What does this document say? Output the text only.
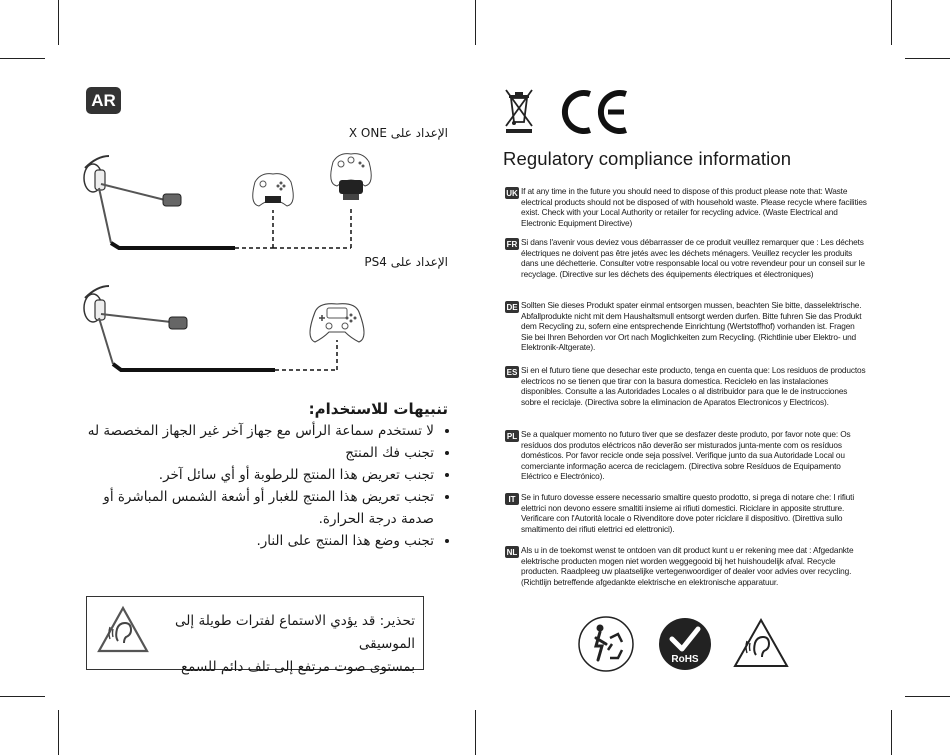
AR
الإعداد على X ONE
الإعداد على PS4
تنبيهات للاستخدام:
• لا تستخدم سماعة الرأس مع جهاز آخر غير الجهاز المخصصة له
• تجنب فك المنتج
• تجنب تعريض هذا المنتج للرطوبة أو أي سائل آخر.
• تجنب تعريض هذا المنتج للغبار أو أشعة الشمس المباشرة أو صدمة درجة الحرارة.
• تجنب وضع هذا المنتج على النار.
تحذير: قد يؤدي الاستماع لفترات طويلة إلى الموسيقى
بمستوى صوت مرتفع إلى تلف دائم للسمع
Regulatory compliance information
UK If at any time in the future you should need to dispose of this product please note that: Waste electrical products should not be disposed of with household waste. Please recycle where facilities exist. Check with your Local Authority or retailer for recycling advice. (Waste Electrical and Electronic Equipment Directive)
FR Si dans l'avenir vous deviez vous débarrasser de ce produit veuillez remarquer que : Les déchets électriques ne doivent pas être jetés avec les déchets ménagers. Veuillez recycler les produits dans une déchetterie. Consulter votre responsable local ou votre revendeur pour un conseil sur le recyclage. (Directive sur les déchets des équipements électriques et électroniques)
DE Sollten Sie dieses Produkt spater einmal entsorgen mussen, beachten Sie bitte, dasselektrische. Abfallprodukte nicht mit dem Haushaltsmull entsorgt werden durfen. Bitte fuhren Sie das Produkt dem Recycling zu, sofern eine entsprechende Einrichtung (Wertstoffhof) vorhanden ist. Fragen Sie bei Ihren Behorden vor Ort nach Moglichkeiten zum Recycling. (Richtlinie uber Elektro- und Elektronik-Altgerate).
ES Si en el futuro tiene que desechar este producto, tenga en cuenta que: Los residuos de productos electricos no se tienen que tirar con la basura domestica. Recicleło en las instalaciones disponibles. Consulte a las Autoridades Locales o al distribuidor para que le de instrucciones sobre el reciclaje. (Directiva sobre la eliminacion de Aparatos Electronicos y Electricos).
PL Se a qualquer momento no futuro tiver que se desfazer deste produto, por favor note que: Os resíduos dos produtos eléctricos não deverão ser misturados junta-mente com os resíduos domésticos. Por favor recicle onde seja possível. Verifique junto da sua Autoridade Local ou comerciante informação acerca de reciclagem. (Directiva sobre Resíduos de Equipamento Eléctrico e Electrónico).
IT Se in futuro dovesse essere necessario smaltire questo prodotto, si prega di notare che: I rifiuti elettrici non devono essere smaltiti insieme ai rifiuti domestici. Riciclare in apposite strutture. Verificare con l'Autorità locale o Rivenditore dove poter riciclare il dispositivo. (Direttiva sullo smaltimento dei rifiuti elettrici ed elettronici).
NL Als u in de toekomst wenst te ontdoen van dit product kunt u er rekening mee dat : Afgedankte elektrische producten mogen niet worden weggegooid bij het huishoudelijk afval. Recycle producten. Raadpleeg uw plaatselijke vertegenwoordiger of dealer voor advies over recycling. (Richtlijn betreffende afgedankte elektrische en elektronische apparatuur.
RoHS
